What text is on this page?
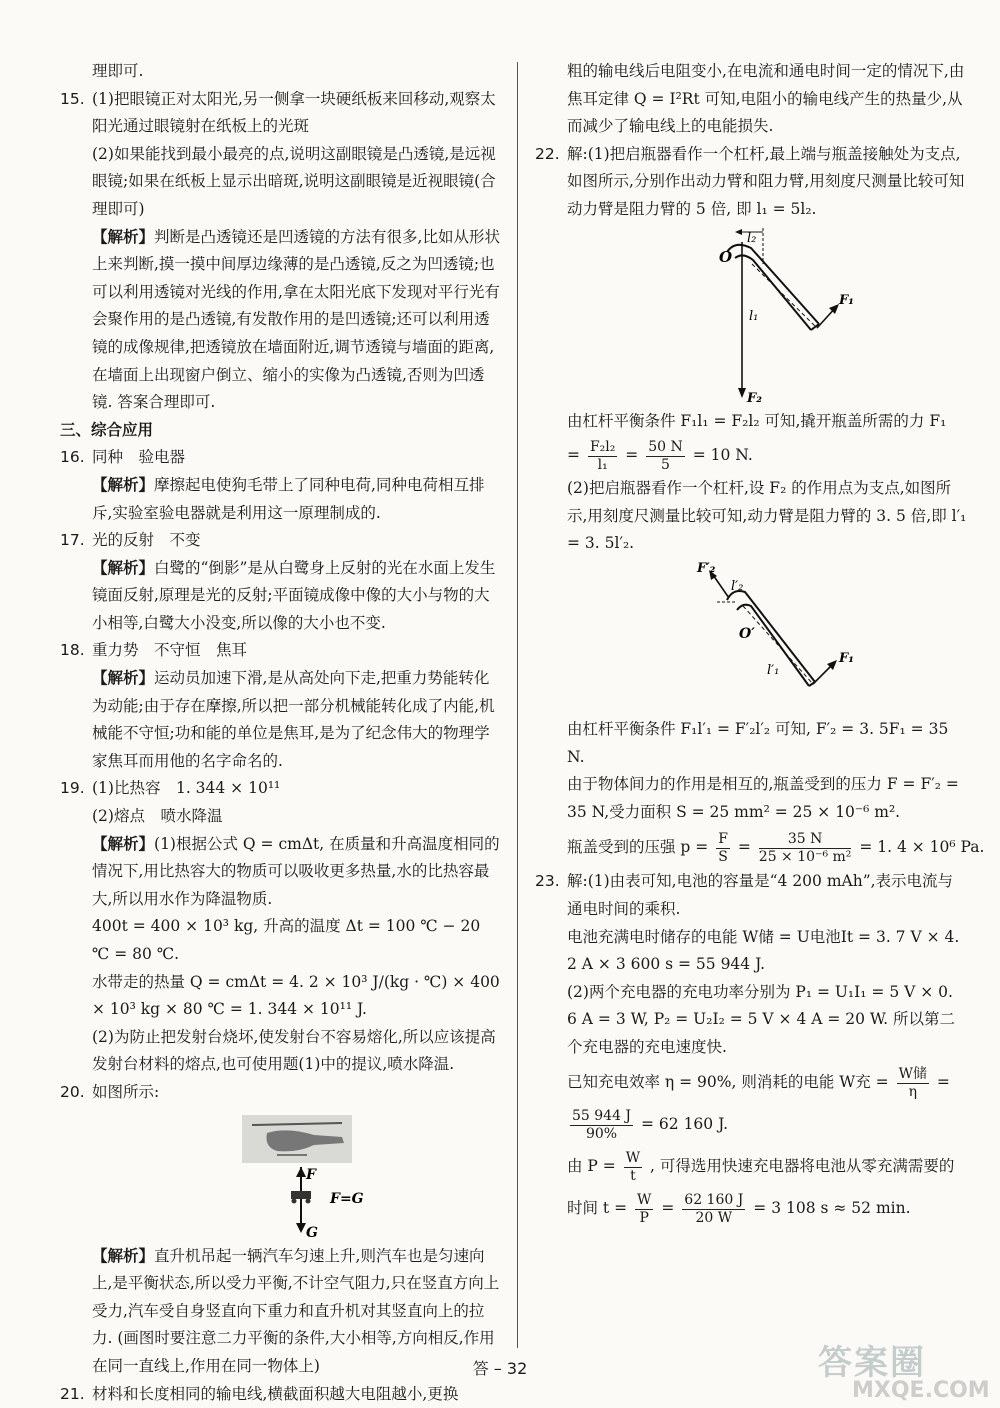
理即可.

15. (1)把眼镜正对太阳光,另一侧拿一块硬纸板来回移动,观察太阳光通过眼镜射在纸板上的光斑

(2)如果能找到最小最亮的点,说明这副眼镜是凸透镜,是远视眼镜;如果在纸板上显示出暗斑,说明这副眼镜是近视眼镜(合理即可)

【解析】判断是凸透镜还是凹透镜的方法有很多,比如从形状上来判断,摸一摸中间厚边缘薄的是凸透镜,反之为凹透镜;也可以利用透镜对光线的作用,拿在太阳光底下发现对平行光有会聚作用的是凸透镜,有发散作用的是凹透镜;还可以利用透镜的成像规律,把透镜放在墙面附近,调节透镜与墙面的距离,在墙面上出现窗户倒立、缩小的实像为凸透镜,否则为凹透镜. 答案合理即可.

三、综合应用

16. 同种　验电器

【解析】摩擦起电使狗毛带上了同种电荷,同种电荷相互排斥,实验室验电器就是利用这一原理制成的.

17. 光的反射　不变

【解析】白鹭的“倒影”是从白鹭身上反射的光在水面上发生镜面反射,原理是光的反射;平面镜成像中像的大小与物的大小相等,白鹭大小没变,所以像的大小也不变.

18. 重力势　不守恒　焦耳

【解析】运动员加速下滑,是从高处向下走,把重力势能转化为动能;由于存在摩擦,所以把一部分机械能转化成了内能,机械能不守恒;功和能的单位是焦耳,是为了纪念伟大的物理学家焦耳而用他的名字命名的.

19. (1)比热容　1. 344 × 10¹¹

(2)熔点　喷水降温

【解析】(1)根据公式 Q = cmΔt, 在质量和升高温度相同的情况下,用比热容大的物质可以吸收更多热量,水的比热容最大,所以用水作为降温物质.

400t = 400 × 10³ kg, 升高的温度 Δt = 100 ℃ − 20 ℃ = 80 ℃.

水带走的热量 Q = cmΔt = 4. 2 × 10³ J/(kg · ℃) × 400 × 10³ kg × 80 ℃ = 1. 344 × 10¹¹ J.

(2)为防止把发射台烧坏,使发射台不容易熔化,所以应该提高发射台材料的熔点,也可使用题(1)中的提议,喷水降温.

20. 如图所示:

F
G
F=G

【解析】直升机吊起一辆汽车匀速上升,则汽车也是匀速向上,是平衡状态,所以受力平衡,不计空气阻力,只在竖直方向上受力,汽车受自身竖直向下重力和直升机对其竖直向上的拉力. (画图时要注意二力平衡的条件,大小相等,方向相反,作用在同一直线上,作用在同一物体上)

21. 材料和长度相同的输电线,横截面积越大电阻越小,更换

粗的输电线后电阻变小,在电流和通电时间一定的情况下,由焦耳定律 Q = I²Rt 可知,电阻小的输电线产生的热量少,从而减少了输电线上的电能损失.

22. 解:(1)把启瓶器看作一个杠杆,最上端与瓶盖接触处为支点,如图所示,分别作出动力臂和阻力臂,用刻度尺测量比较可知动力臂是阻力臂的 5 倍, 即 l₁ = 5l₂.

O
l₂
l₁
F₁
F₂

由杠杆平衡条件 F₁l₁ = F₂l₂ 可知,撬开瓶盖所需的力 F₁

= $\frac{\text{F₂l₂}}{\text{l₁}} = \frac{50 N}{5} = 10$ N.

(2)把启瓶器看作一个杠杆,设 F₂ 的作用点为支点,如图所示,用刻度尺测量比较可知,动力臂是阻力臂的 3. 5 倍,即 l′₁ = 3. 5l′₂.

F′₂
l′₂
O′
l′₁
F₁

由杠杆平衡条件 F₁l′₁ = F′₂l′₂ 可知, F′₂ = 3. 5F₁ = 35 N.

由于物体间力的作用是相互的,瓶盖受到的压力 F = F′₂ = 35 N,受力面积 S = 25 mm² = 25 × 10⁻⁶ m².

瓶盖受到的压强 $p = \frac{F}{S} = \frac{35 N}{\text{25 × 10⁻⁶ m²}} = 1$. 4 × 10⁶ Pa.

23. 解:(1)由表可知,电池的容量是“4 200 mAh”,表示电流与通电时间的乘积.

电池充满电时储存的电能 W储 = U电池It = 3. 7 V × 4. 2 A × 3 600 s = 55 944 J.

(2)两个充电器的充电功率分别为 P₁ = U₁I₁ = 5 V × 0. 6 A = 3 W, P₂ = U₂I₂ = 5 V × 4 A = 20 W. 所以第二个充电器的充电速度快.

已知充电效率 η = 90%, 则消耗的电能 W充 = $\frac{\text{W储}}{\eta}$ =

$\frac{55 944 J}{90\%} = 62$ 160 J.

由 $P = \frac{W}{t}$ , 可得选用快速充电器将电池从零充满需要的

时间 $t = \frac{W}{P} = \frac{62 160 J}{20 W} = 3$ 108 s ≈ 52 min.

答 – 32	答案圈
MXQE.COM
